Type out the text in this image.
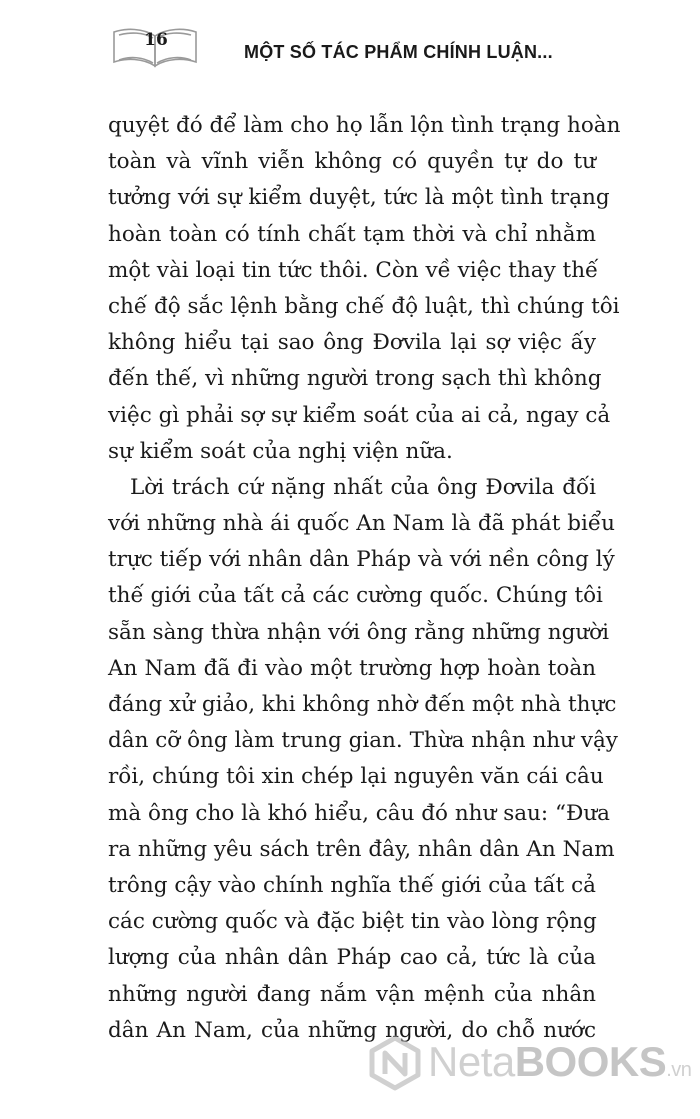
16
MỘT SỐ TÁC PHẨM CHÍNH LUẬN...
quyệt đó để làm cho họ lẫn lộn tình trạng hoàn
toàn và vĩnh viễn không có quyền tự do tư
tưởng với sự kiểm duyệt, tức là một tình trạng
hoàn toàn có tính chất tạm thời và chỉ nhằm
một vài loại tin tức thôi. Còn về việc thay thế
chế độ sắc lệnh bằng chế độ luật, thì chúng tôi
không hiểu tại sao ông Đơvila lại sợ việc ấy
đến thế, vì những người trong sạch thì không
việc gì phải sợ sự kiểm soát của ai cả, ngay cả
sự kiểm soát của nghị viện nữa.
Lời trách cứ nặng nhất của ông Đơvila đối
với những nhà ái quốc An Nam là đã phát biểu
trực tiếp với nhân dân Pháp và với nền công lý
thế giới của tất cả các cường quốc. Chúng tôi
sẵn sàng thừa nhận với ông rằng những người
An Nam đã đi vào một trường hợp hoàn toàn
đáng xử giảo, khi không nhờ đến một nhà thực
dân cỡ ông làm trung gian. Thừa nhận như vậy
rồi, chúng tôi xin chép lại nguyên văn cái câu
mà ông cho là khó hiểu, câu đó như sau: “Đưa
ra những yêu sách trên đây, nhân dân An Nam
trông cậy vào chính nghĩa thế giới của tất cả
các cường quốc và đặc biệt tin vào lòng rộng
lượng của nhân dân Pháp cao cả, tức là của
những người đang nắm vận mệnh của nhân
dân An Nam, của những người, do chỗ nước
NetaBOOKS.vn
